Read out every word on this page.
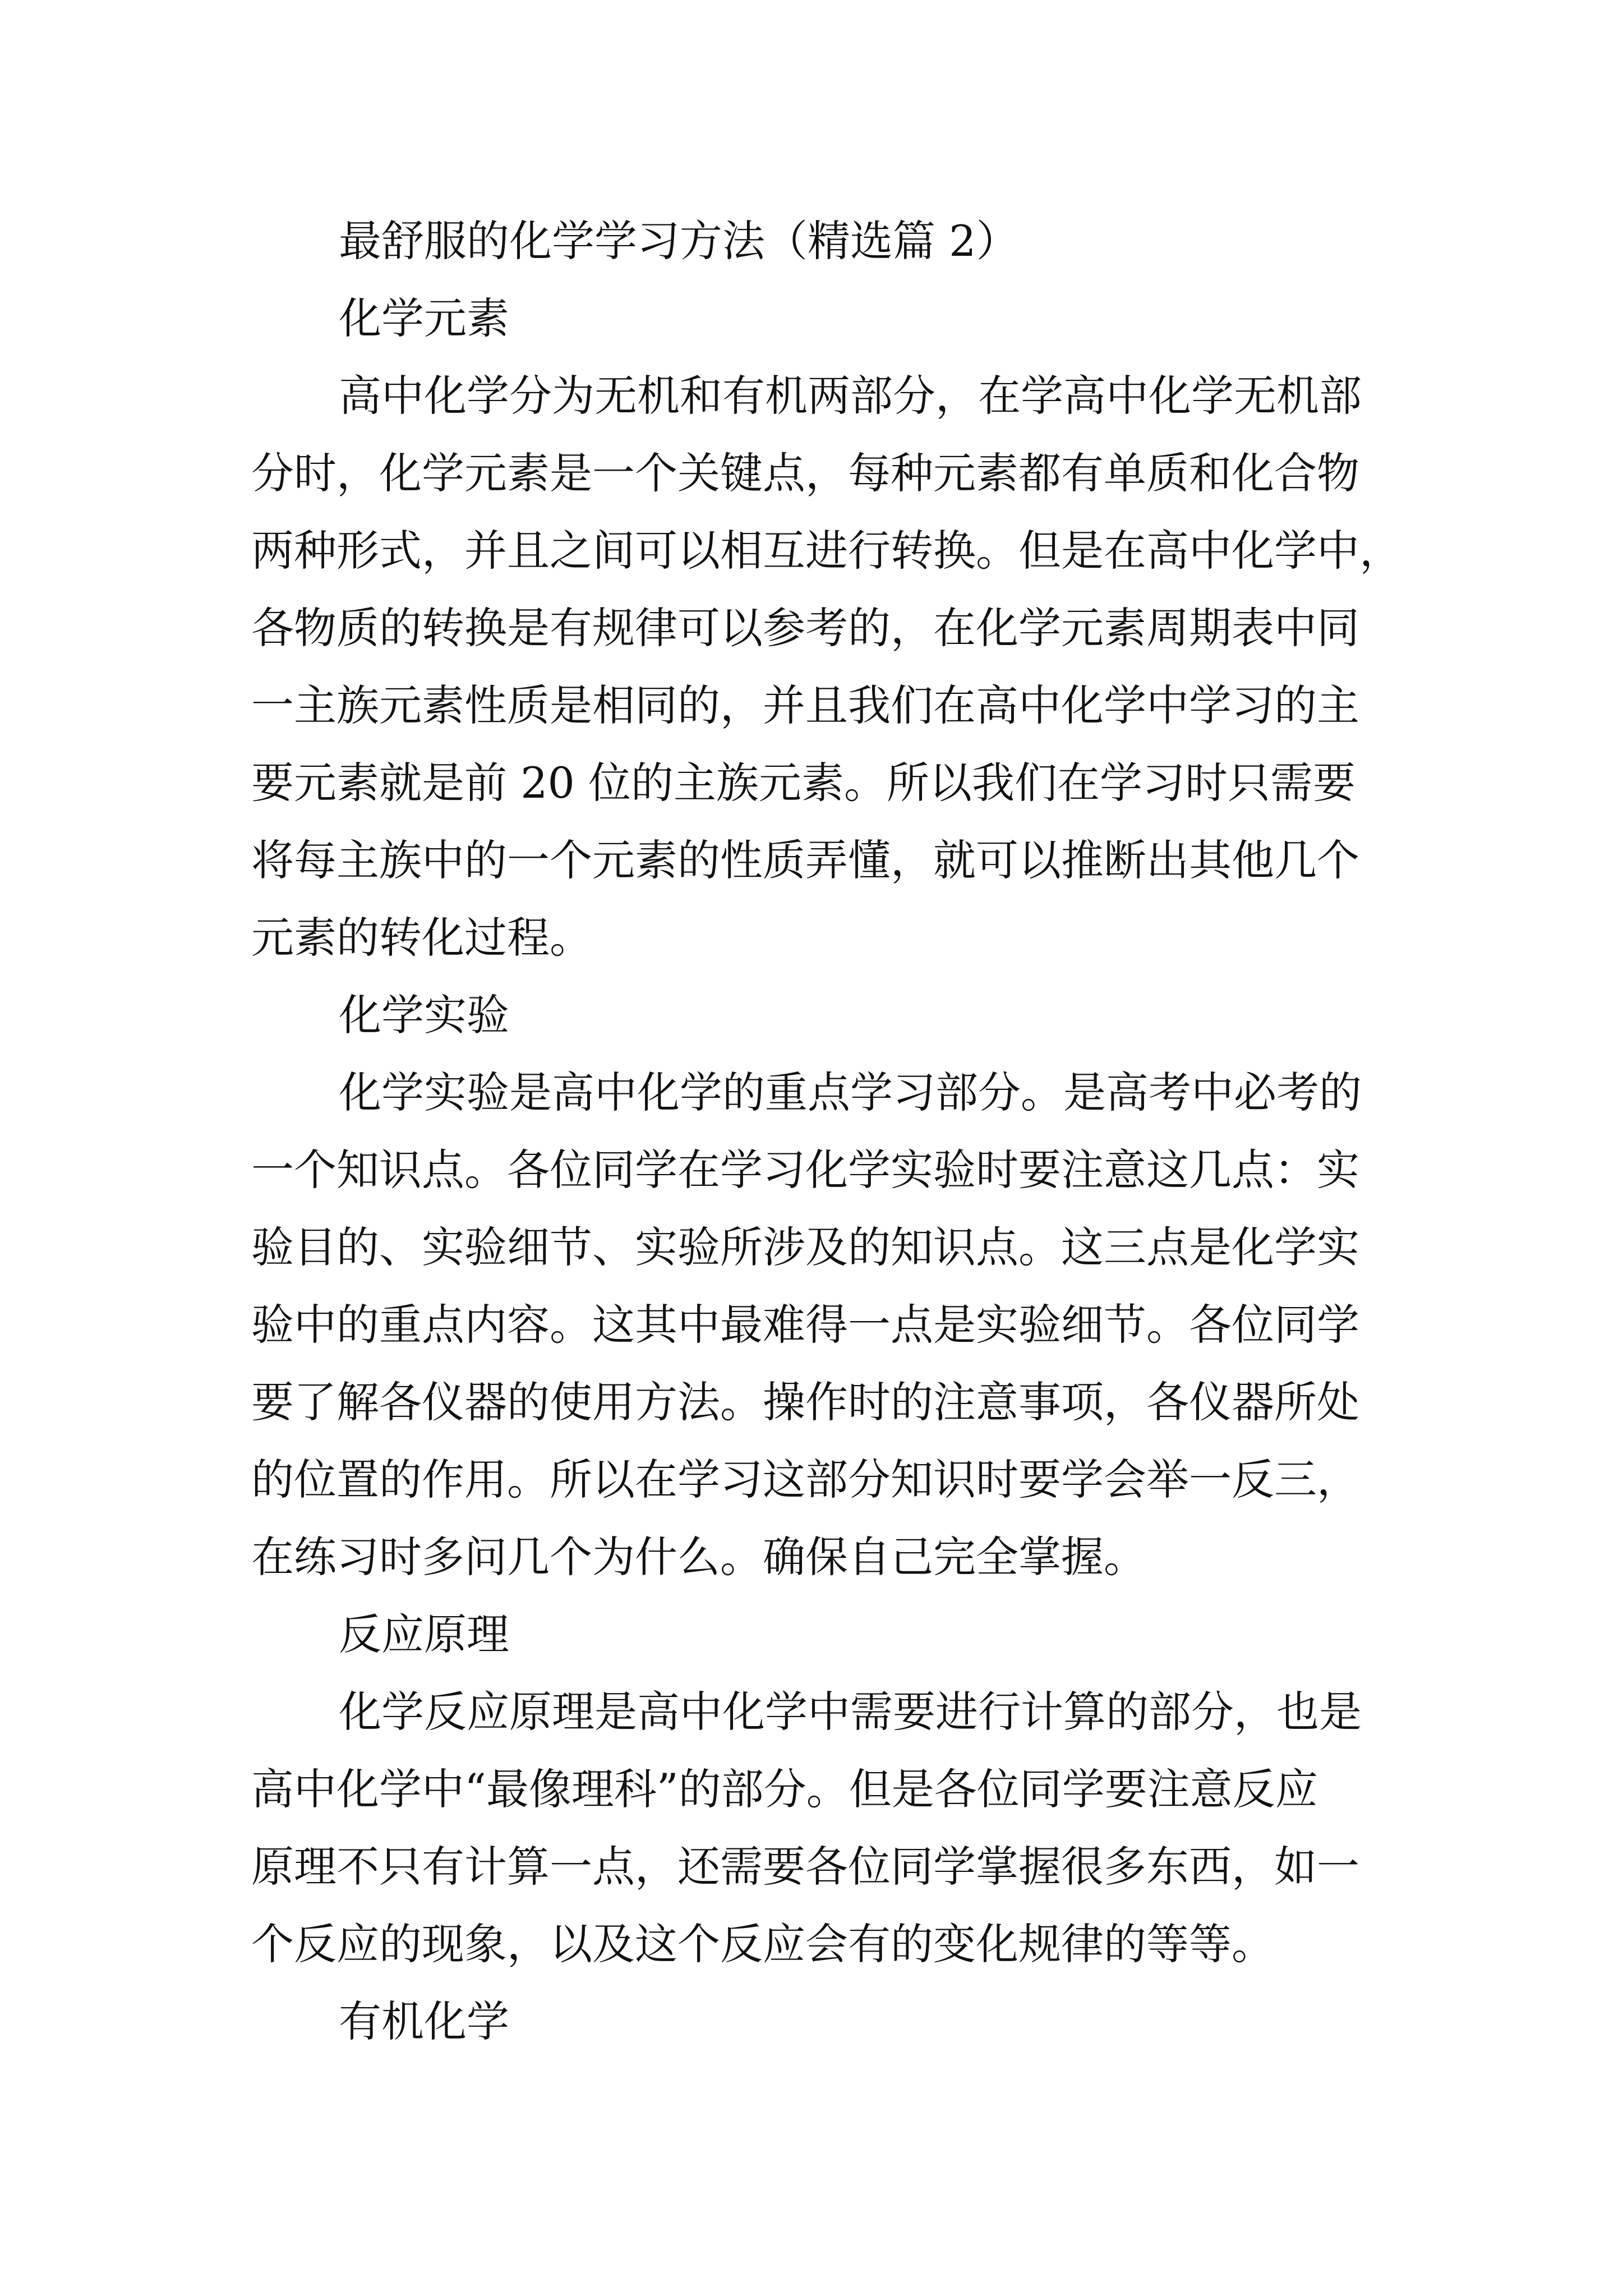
最舒服的化学学习方法（精选篇 2）
化学元素
高中化学分为无机和有机两部分，在学高中化学无机部
分时，化学元素是一个关键点，每种元素都有单质和化合物
两种形式，并且之间可以相互进行转换。但是在高中化学中，
各物质的转换是有规律可以参考的，在化学元素周期表中同
一主族元素性质是相同的，并且我们在高中化学中学习的主
要元素就是前 20 位的主族元素。所以我们在学习时只需要
将每主族中的一个元素的性质弄懂，就可以推断出其他几个
元素的转化过程。
化学实验
化学实验是高中化学的重点学习部分。是高考中必考的
一个知识点。各位同学在学习化学实验时要注意这几点：实
验目的、实验细节、实验所涉及的知识点。这三点是化学实
验中的重点内容。这其中最难得一点是实验细节。各位同学
要了解各仪器的使用方法。操作时的注意事项，各仪器所处
的位置的作用。所以在学习这部分知识时要学会举一反三，
在练习时多问几个为什么。确保自己完全掌握。
反应原理
化学反应原理是高中化学中需要进行计算的部分，也是
高中化学中“最像理科”的部分。但是各位同学要注意反应
原理不只有计算一点，还需要各位同学掌握很多东西，如一
个反应的现象，以及这个反应会有的变化规律的等等。
有机化学
